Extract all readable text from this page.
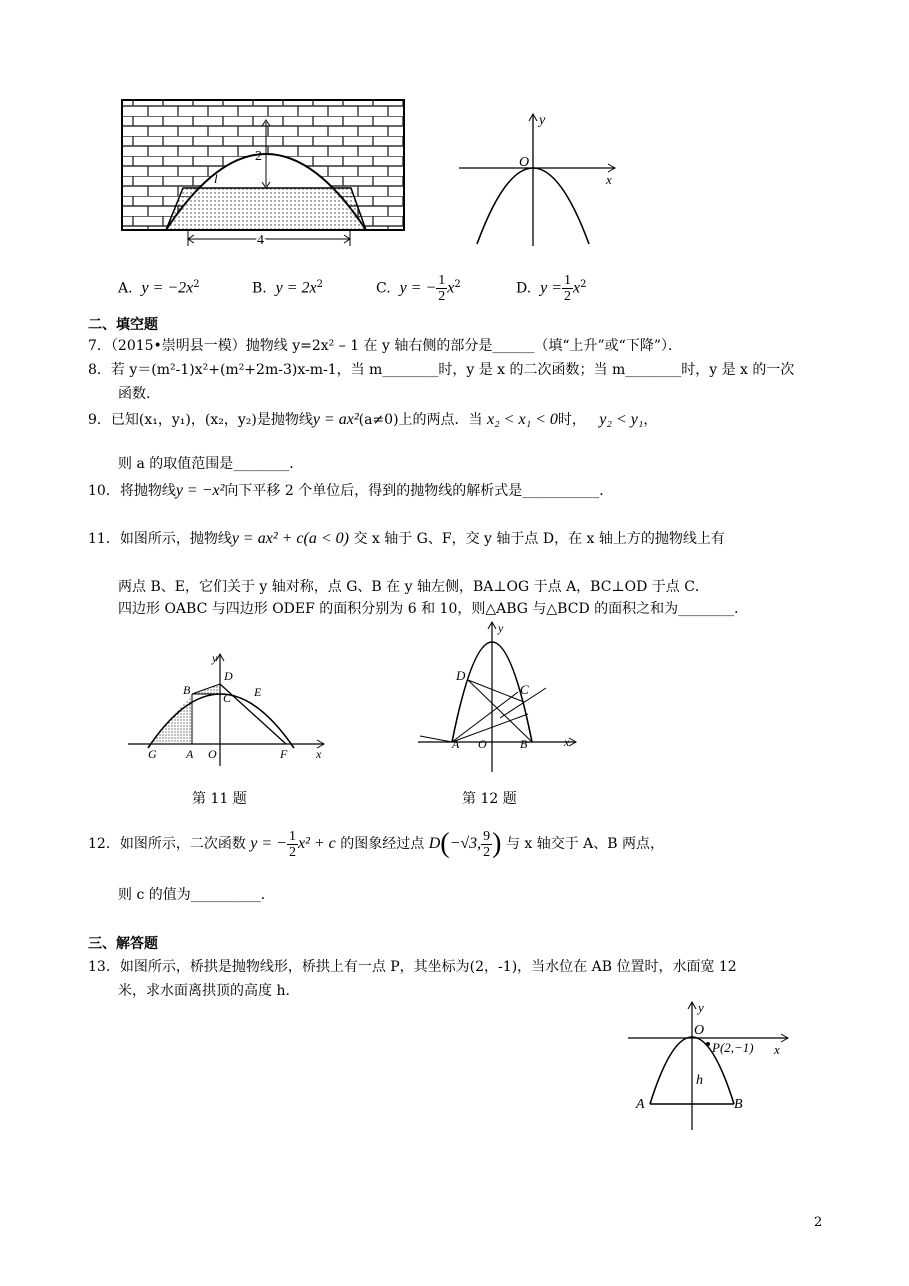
2
l
4
y
x
O
A. $y = -2x^2$	B. $y = 2x^2$	C. y = − $\frac{1}{2} x^2$	D. $y = \frac{1}{2} x^2$
二、填空题
7．（2015•崇明县一模）抛物线 y=2x² – 1 在 y 轴右侧的部分是______（填“上升”或“下降”）．
8．若 y＝(m²-1)x²+(m²+2m-3)x-m-1，当 m________时，y 是 x 的二次函数；当 m________时，y 是 x 的一次
函数.
9．已知(x₁，y₁)，(x₂，y₂)是抛物线y = ax²(a≠0)上的两点．当 x₂ < x₁ < 0时， y₂ < y₁，
则 a 的取值范围是________．
10．将抛物线y = −x²向下平移 2 个单位后，得到的抛物线的解析式是___________．
11．如图所示，抛物线y = ax² + c(a < 0) 交 x 轴于 G、F，交 y 轴于点 D，在 x 轴上方的抛物线上有
两点 B、E，它们关于 y 轴对称，点 G、B 在 y 轴左侧，BA⊥OG 于点 A，BC⊥OD 于点 C．
四边形 OABC 与四边形 ODEF 的面积分别为 6 和 10，则△ABG 与△BCD 的面积之和为________．
y
D
B
C E
G A O	F x
第 11 题
y
D
C
A O	B	x
第 12 题
12．如图所示，二次函数 y = − $\frac{1}{2} x^2 + c$ 的图象经过点 D(−√3, $\frac{9}{2}$ ) 与 x 轴交于 A、B 两点，
则 c 的值为__________．
三、解答题
13．如图所示，桥拱是抛物线形，桥拱上有一点 P，其坐标为(2，-1)，当水位在 AB 位置时，水面宽 12
米，求水面离拱顶的高度 h.
y
O
P(2,−1) x
h
A	B
2
